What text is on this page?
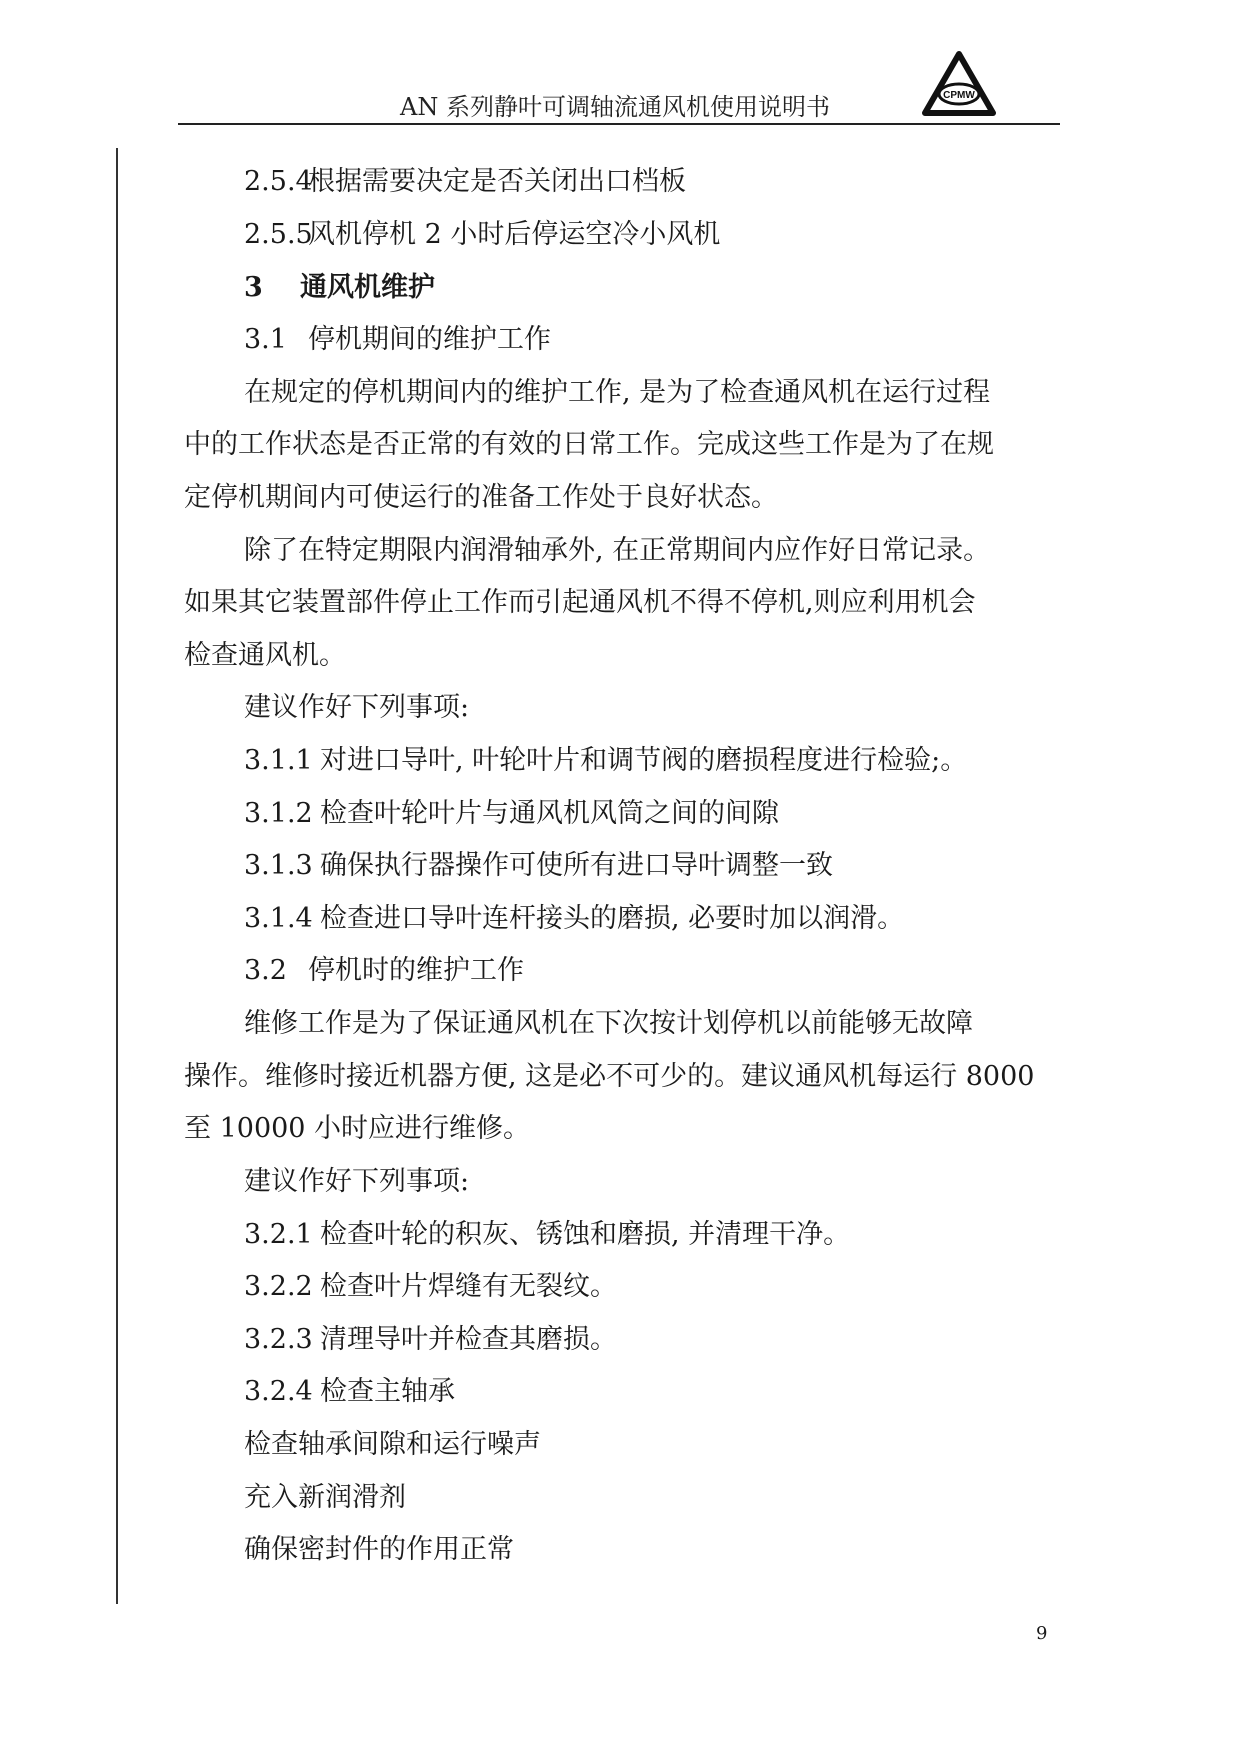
AN 系列静叶可调轴流通风机使用说明书	CPMW
2.5.4根据需要决定是否关闭出口档板
2.5.5风机停机 2 小时后停运空冷小风机
3 通风机维护
3.1 停机期间的维护工作
在规定的停机期间内的维护工作, 是为了检查通风机在运行过程
中的工作状态是否正常的有效的日常工作。完成这些工作是为了在规
定停机期间内可使运行的准备工作处于良好状态。
除了在特定期限内润滑轴承外, 在正常期间内应作好日常记录。
如果其它装置部件停止工作而引起通风机不得不停机,则应利用机会
检查通风机。
建议作好下列事项:
3.1.1 对进口导叶, 叶轮叶片和调节阀的磨损程度进行检验;。
3.1.2 检查叶轮叶片与通风机风筒之间的间隙
3.1.3 确保执行器操作可使所有进口导叶调整一致
3.1.4 检查进口导叶连杆接头的磨损, 必要时加以润滑。
3.2 停机时的维护工作
维修工作是为了保证通风机在下次按计划停机以前能够无故障
操作。维修时接近机器方便, 这是必不可少的。建议通风机每运行 8000
至 10000 小时应进行维修。
建议作好下列事项:
3.2.1 检查叶轮的积灰、锈蚀和磨损, 并清理干净。
3.2.2 检查叶片焊缝有无裂纹。
3.2.3 清理导叶并检查其磨损。
3.2.4 检查主轴承
检查轴承间隙和运行噪声
充入新润滑剂
确保密封件的作用正常
9
